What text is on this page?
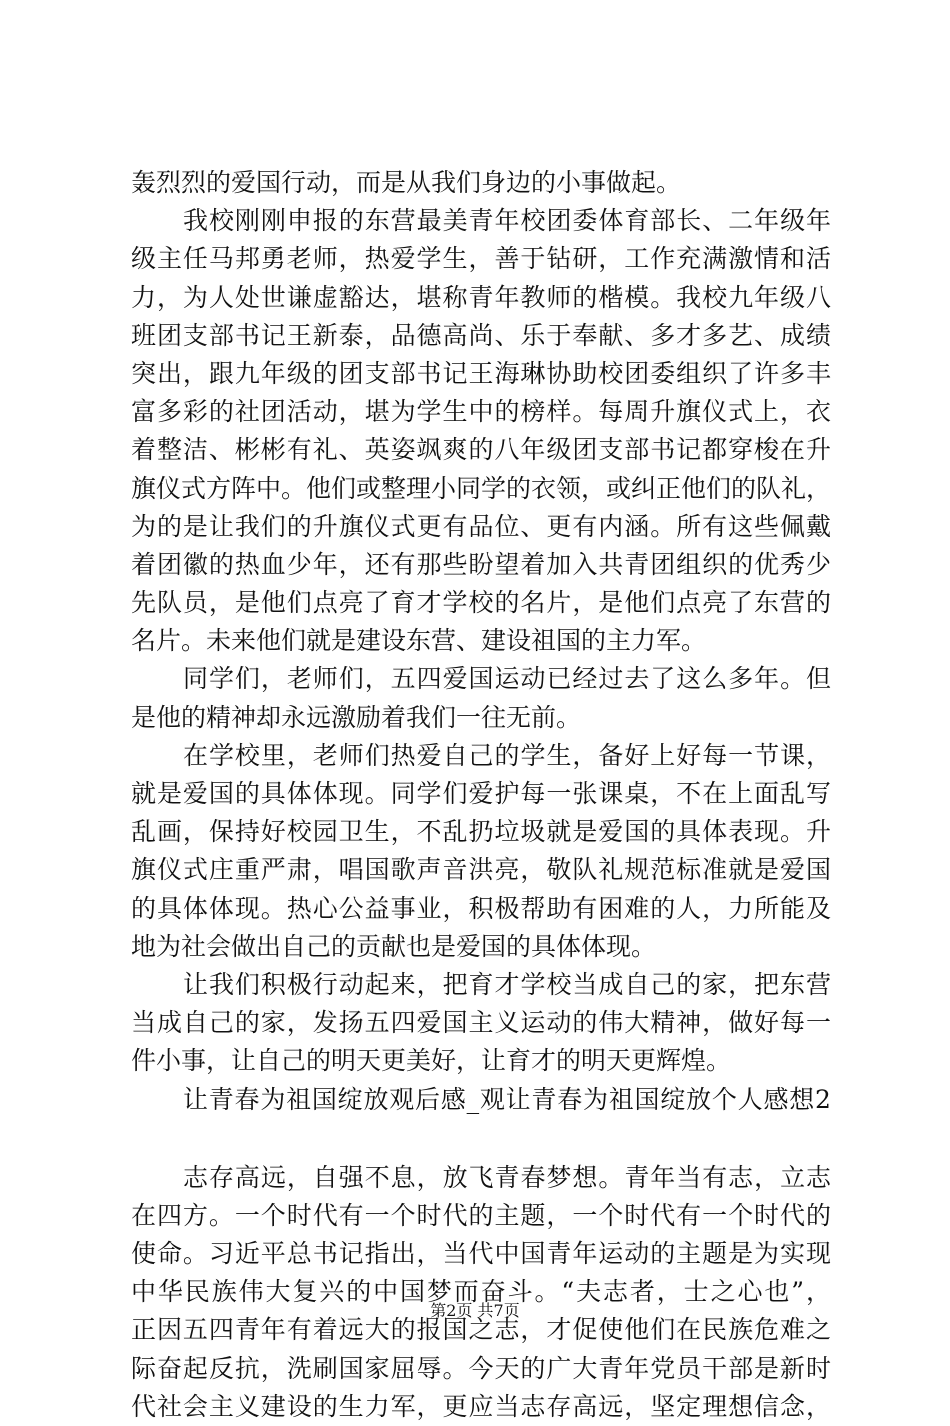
轰烈烈的爱国行动，而是从我们身边的小事做起。
我校刚刚申报的东营最美青年校团委体育部长、二年级年
级主任马邦勇老师，热爱学生，善于钻研，工作充满激情和活
力，为人处世谦虚豁达，堪称青年教师的楷模。我校九年级八
班团支部书记王新泰，品德高尚、乐于奉献、多才多艺、成绩
突出，跟九年级的团支部书记王海琳协助校团委组织了许多丰
富多彩的社团活动，堪为学生中的榜样。每周升旗仪式上，衣
着整洁、彬彬有礼、英姿飒爽的八年级团支部书记都穿梭在升
旗仪式方阵中。他们或整理小同学的衣领，或纠正他们的队礼，
为的是让我们的升旗仪式更有品位、更有内涵。所有这些佩戴
着团徽的热血少年，还有那些盼望着加入共青团组织的优秀少
先队员，是他们点亮了育才学校的名片，是他们点亮了东营的
名片。未来他们就是建设东营、建设祖国的主力军。
同学们，老师们，五四爱国运动已经过去了这么多年。但
是他的精神却永远激励着我们一往无前。
在学校里，老师们热爱自己的学生，备好上好每一节课，
就是爱国的具体体现。同学们爱护每一张课桌，不在上面乱写
乱画，保持好校园卫生，不乱扔垃圾就是爱国的具体表现。升
旗仪式庄重严肃，唱国歌声音洪亮，敬队礼规范标准就是爱国
的具体体现。热心公益事业，积极帮助有困难的人，力所能及
地为社会做出自己的贡献也是爱国的具体体现。
让我们积极行动起来，把育才学校当成自己的家，把东营
当成自己的家，发扬五四爱国主义运动的伟大精神，做好每一
件小事，让自己的明天更美好，让育才的明天更辉煌。
让青春为祖国绽放观后感_观让青春为祖国绽放个人感想2
志存高远，自强不息，放飞青春梦想。青年当有志，立志
在四方。一个时代有一个时代的主题，一个时代有一个时代的
使命。习近平总书记指出，当代中国青年运动的主题是为实现
中华民族伟大复兴的中国梦而奋斗。“夫志者，士之心也”，
正因五四青年有着远大的报国之志，才促使他们在民族危难之
际奋起反抗，洗刷国家屈辱。今天的广大青年党员干部是新时
代社会主义建设的生力军，更应当志存高远，坚定理想信念，
第2页 共7页
